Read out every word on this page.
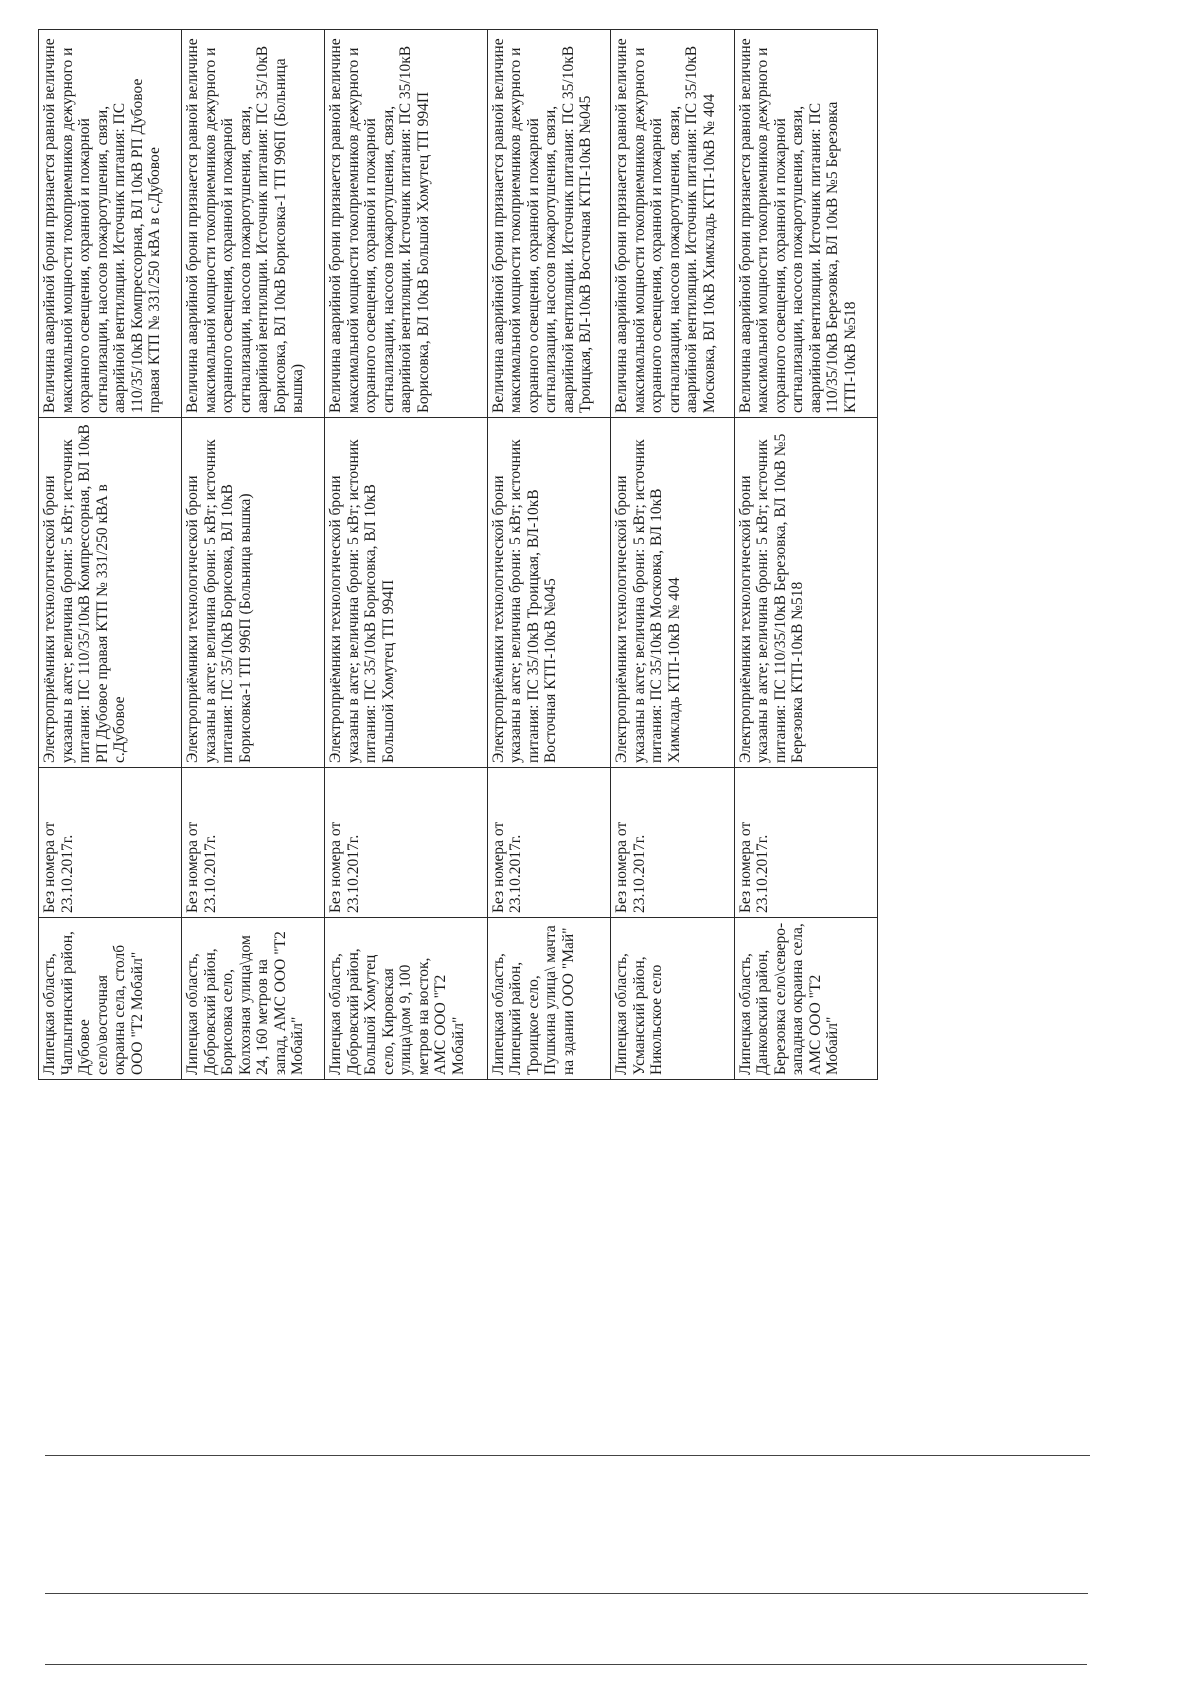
Липецкая область, Чаплыгинский район, Дубовое село\восточная окраина села, столб ООО "Т2 Мобайл"	Без номера от 23.10.2017г.	Электроприёмники технологической брони указаны в акте; величина брони: 5 кВт; источник питания: ПС 110/35/10кВ Компрессорная, ВЛ 10кВ РП Дубовое правая КТП № 331/250 кВА в с.Дубовое	Величина аварийной брони признается равной величине максимальной мощности токоприемников дежурного и охранного освещения, охранной и пожарной сигнализации, насосов пожаротушения, связи, аварийной вентиляции. Источник питания: ПС 110/35/10кВ Компрессорная, ВЛ 10кВ РП Дубовое правая КТП № 331/250 кВА в с.Дубовое
Липецкая область, Добровский район, Борисовка село, Колхозная улица\дом 24, 160 метров на запад, АМС ООО "Т2 Мобайл"	Без номера от 23.10.2017г.	Электроприёмники технологической брони указаны в акте; величина брони: 5 кВт; источник питания: ПС 35/10кВ Борисовка, ВЛ 10кВ Борисовка-1 ТП 996П (Больница вышка)	Величина аварийной брони признается равной величине максимальной мощности токоприемников дежурного и охранного освещения, охранной и пожарной сигнализации, насосов пожаротушения, связи, аварийной вентиляции. Источник питания: ПС 35/10кВ Борисовка, ВЛ 10кВ Борисовка-1 ТП 996П (Больница вышка)
Липецкая область, Добровский район, Большой Хомутец село, Кировская улица\дом 9, 100 метров на восток, АМС ООО "Т2 Мобайл"	Без номера от 23.10.2017г.	Электроприёмники технологической брони указаны в акте; величина брони: 5 кВт; источник питания: ПС 35/10кВ Борисовка, ВЛ 10кВ Большой Хомутец ТП 994П	Величина аварийной брони признается равной величине максимальной мощности токоприемников дежурного и охранного освещения, охранной и пожарной сигнализации, насосов пожаротушения, связи, аварийной вентиляции. Источник питания: ПС 35/10кВ Борисовка, ВЛ 10кВ Большой Хомутец ТП 994П
Липецкая область, Липецкий район, Троицкое село, Пушкина улица\ мачта на здании ООО "Май"	Без номера от 23.10.2017г.	Электроприёмники технологической брони указаны в акте; величина брони: 5 кВт; источник питания: ПС 35/10кВ Троицкая, ВЛ-10кВ Восточная КТП-10кВ №045	Величина аварийной брони признается равной величине максимальной мощности токоприемников дежурного и охранного освещения, охранной и пожарной сигнализации, насосов пожаротушения, связи, аварийной вентиляции. Источник питания: ПС 35/10кВ Троицкая, ВЛ-10кВ Восточная КТП-10кВ №045
Липецкая область, Усманский район, Никольское село	Без номера от 23.10.2017г.	Электроприёмники технологической брони указаны в акте; величина брони: 5 кВт; источник питания: ПС 35/10кВ Московка, ВЛ 10кВ Химкладь КТП-10кВ № 404	Величина аварийной брони признается равной величине максимальной мощности токоприемников дежурного и охранного освещения, охранной и пожарной сигнализации, насосов пожаротушения, связи, аварийной вентиляции. Источник питания: ПС 35/10кВ Московка, ВЛ 10кВ Химкладь КТП-10кВ № 404
Липецкая область, Данковский район, Березовка село\северо-западная окраина села, АМС ООО "Т2 Мобайл"	Без номера от 23.10.2017г.	Электроприёмники технологической брони указаны в акте; величина брони: 5 кВт; источник питания: ПС 110/35/10кВ Березовка, ВЛ 10кВ №5 Березовка КТП-10кВ №518	Величина аварийной брони признается равной величине максимальной мощности токоприемников дежурного и охранного освещения, охранной и пожарной сигнализации, насосов пожаротушения, связи, аварийной вентиляции. Источник питания: ПС 110/35/10кВ Березовка, ВЛ 10кВ №5 Березовка КТП-10кВ №518
